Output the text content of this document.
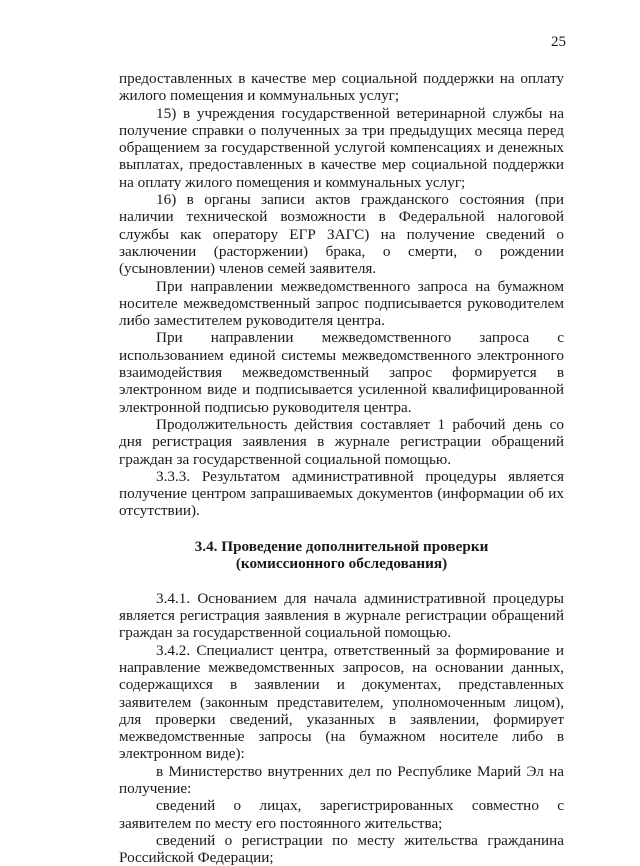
25

предоставленных в качестве мер социальной поддержки на оплату жилого помещения и коммунальных услуг;

15) в учреждения государственной ветеринарной службы на получение справки о полученных за три предыдущих месяца перед обращением за государственной услугой компенсациях и денежных выплатах, предоставленных в качестве мер социальной поддержки на оплату жилого помещения и коммунальных услуг;

16) в органы записи актов гражданского состояния (при наличии технической возможности в Федеральной налоговой службы как оператору ЕГР ЗАГС) на получение сведений о заключении (расторжении) брака, о смерти, о рождении (усыновлении) членов семей заявителя.

При направлении межведомственного запроса на бумажном носителе межведомственный запрос подписывается руководителем либо заместителем руководителя центра.

При направлении межведомственного запроса с использованием единой системы межведомственного электронного взаимодействия межведомственный запрос формируется в электронном виде и подписывается усиленной квалифицированной электронной подписью руководителя центра.

Продолжительность действия составляет 1 рабочий день со дня регистрация заявления в журнале регистрации обращений граждан за государственной социальной помощью.

3.3.3. Результатом административной процедуры является получение центром запрашиваемых документов (информации об их отсутствии).

3.4. Проведение дополнительной проверки
(комиссионного обследования)

3.4.1. Основанием для начала административной процедуры является регистрация заявления в журнале регистрации обращений граждан за государственной социальной помощью.

3.4.2. Специалист центра, ответственный за формирование и направление межведомственных запросов, на основании данных, содержащихся в заявлении и документах, представленных заявителем (законным представителем, уполномоченным лицом), для проверки сведений, указанных в заявлении, формирует межведомственные запросы (на бумажном носителе либо в электронном виде):

в Министерство внутренних дел по Республике Марий Эл на получение:

сведений о лицах, зарегистрированных совместно с заявителем по месту его постоянного жительства;

сведений о регистрации по месту жительства гражданина Российской Федерации;
